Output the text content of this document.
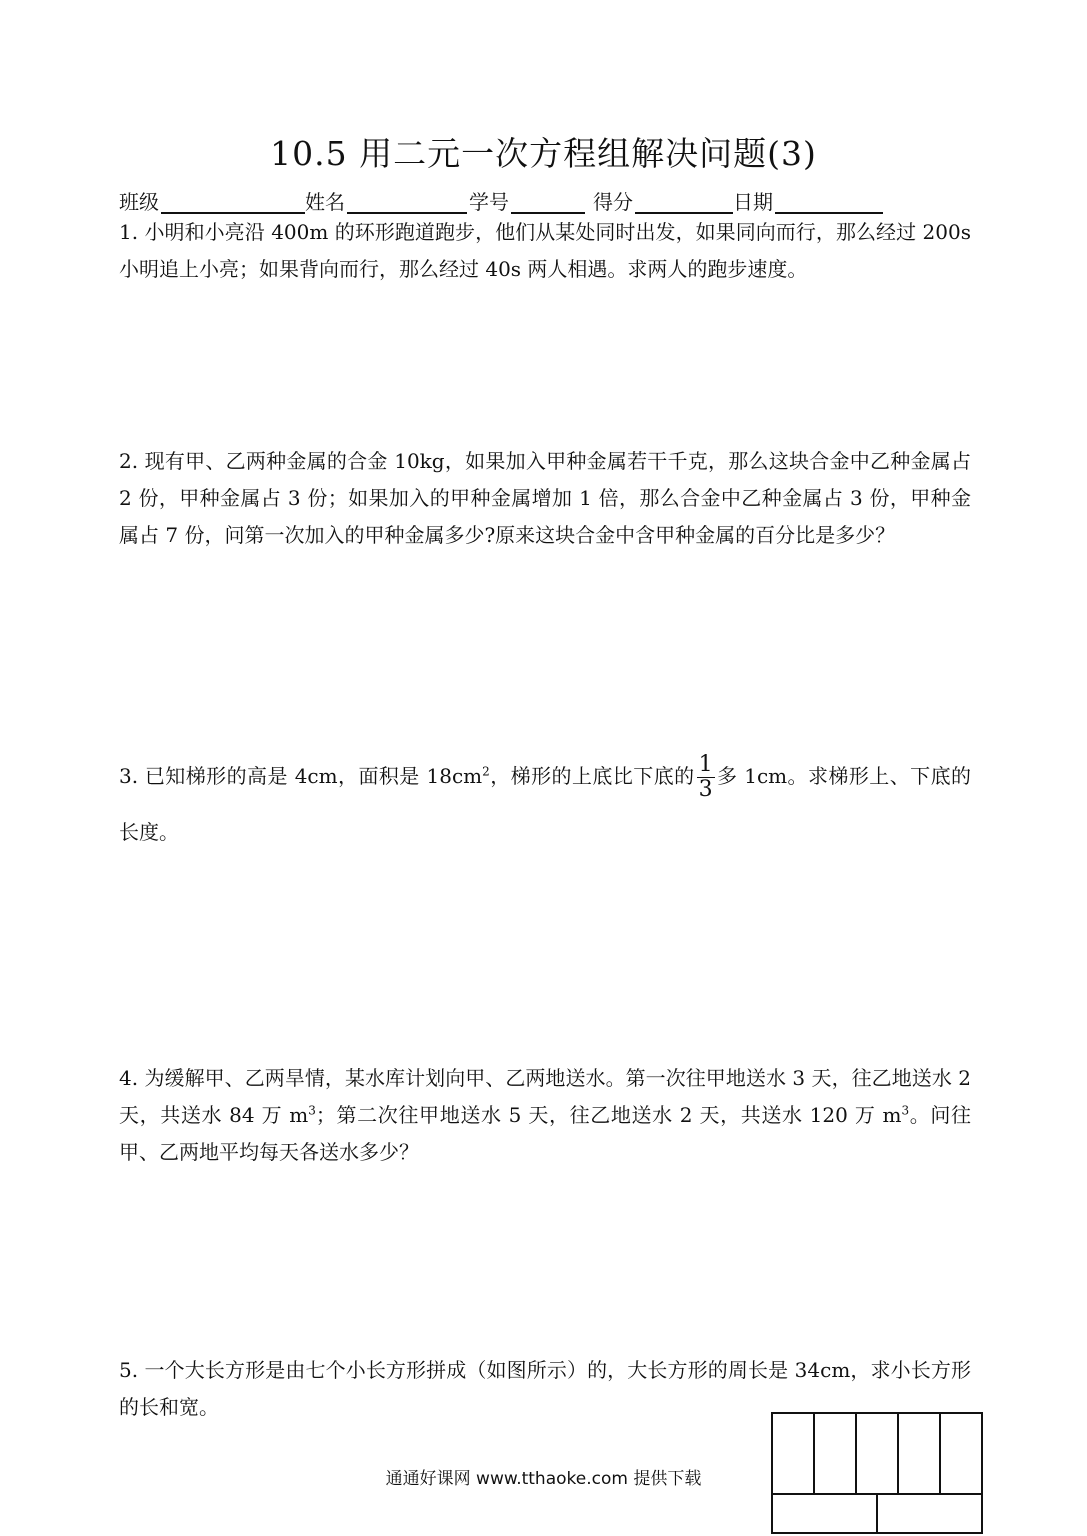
10.5 用二元一次方程组解决问题(3)
班级	姓名	学号	得分	日期
1. 小明和小亮沿 400m 的环形跑道跑步，他们从某处同时出发，如果同向而行，那么经过 200s 小明追上小亮；如果背向而行，那么经过 40s 两人相遇。求两人的跑步速度。
2. 现有甲、乙两种金属的合金 10kg，如果加入甲种金属若干千克，那么这块合金中乙种金属占 2 份，甲种金属占 3 份；如果加入的甲种金属增加 1 倍，那么合金中乙种金属占 3 份，甲种金属占 7 份，问第一次加入的甲种金属多少?原来这块合金中含甲种金属的百分比是多少？
3. 已知梯形的高是 4cm，面积是 $18cm^2$，梯形的上底比下底的 $\frac{1}{3}$ 多 1cm。求梯形上、下底的长度。
4. 为缓解甲、乙两旱情，某水库计划向甲、乙两地送水。第一次往甲地送水 3 天，往乙地送水 2 天，共送水 84 万 $m^3$；第二次往甲地送水 5 天，往乙地送水 2 天，共送水 120 万 $m^3$。问往甲、乙两地平均每天各送水多少？
5. 一个大长方形是由七个小长方形拼成（如图所示）的，大长方形的周长是 34cm，求小长方形的长和宽。
通通好课网 www.tthaoke.com 提供下载
